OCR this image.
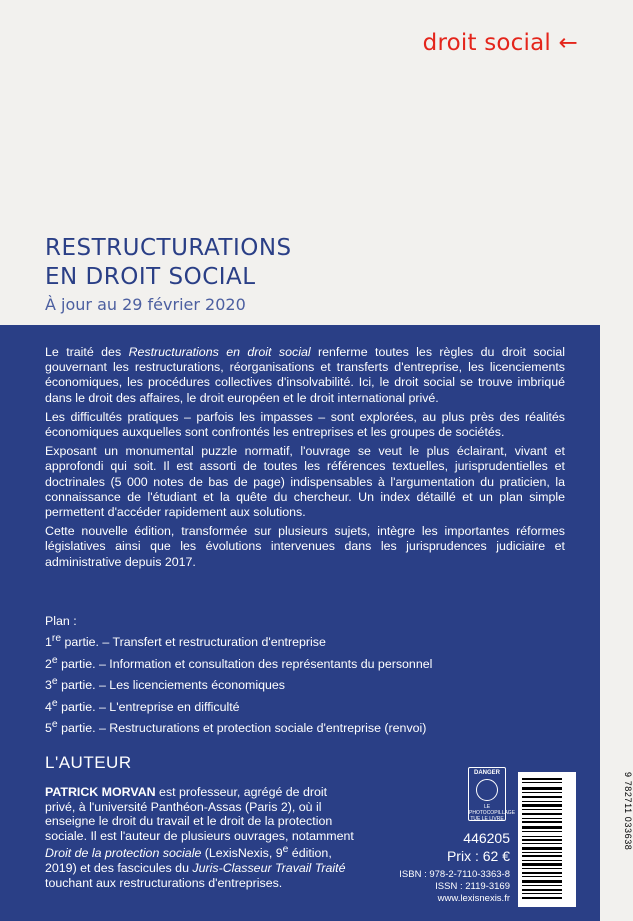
droit social ←
RESTRUCTURATIONS
EN DROIT SOCIAL
À jour au 29 février 2020

Le traité des Restructurations en droit social renferme toutes les règles du droit social gouvernant les restructurations, réorganisations et transferts d'entreprise, les licenciements économiques, les procédures collectives d'insolvabilité. Ici, le droit social se trouve imbriqué dans le droit des affaires, le droit européen et le droit international privé.

Les difficultés pratiques – parfois les impasses – sont explorées, au plus près des réalités économiques auxquelles sont confrontés les entreprises et les groupes de sociétés.

Exposant un monumental puzzle normatif, l'ouvrage se veut le plus éclairant, vivant et approfondi qui soit. Il est assorti de toutes les références textuelles, jurisprudentielles et doctrinales (5 000 notes de bas de page) indispensables à l'argumentation du praticien, la connaissance de l'étudiant et la quête du chercheur. Un index détaillé et un plan simple permettent d'accéder rapidement aux solutions.

Cette nouvelle édition, transformée sur plusieurs sujets, intègre les importantes réformes législatives ainsi que les évolutions intervenues dans les jurisprudences judiciaire et administrative depuis 2017.

Plan :
1re partie. – Transfert et restructuration d'entreprise
2e partie. – Information et consultation des représentants du personnel
3e partie. – Les licenciements économiques
4e partie. – L'entreprise en difficulté
5e partie. – Restructurations et protection sociale d'entreprise (renvoi)
L'AUTEUR
PATRICK MORVAN est professeur, agrégé de droit privé, à l'université Panthéon-Assas (Paris 2), où il enseigne le droit du travail et le droit de la protection sociale. Il est l'auteur de plusieurs ouvrages, notamment Droit de la protection sociale (LexisNexis, 9e édition, 2019) et des fascicules du Juris-Classeur Travail Traité touchant aux restructurations d'entreprises.
DANGER
LE PHOTOCOPILLAGE TUE LE LIVRE
446205
Prix : 62 €
ISBN : 978-2-7110-3363-8
ISSN : 2119-3169
www.lexisnexis.fr
9 782711 033638
